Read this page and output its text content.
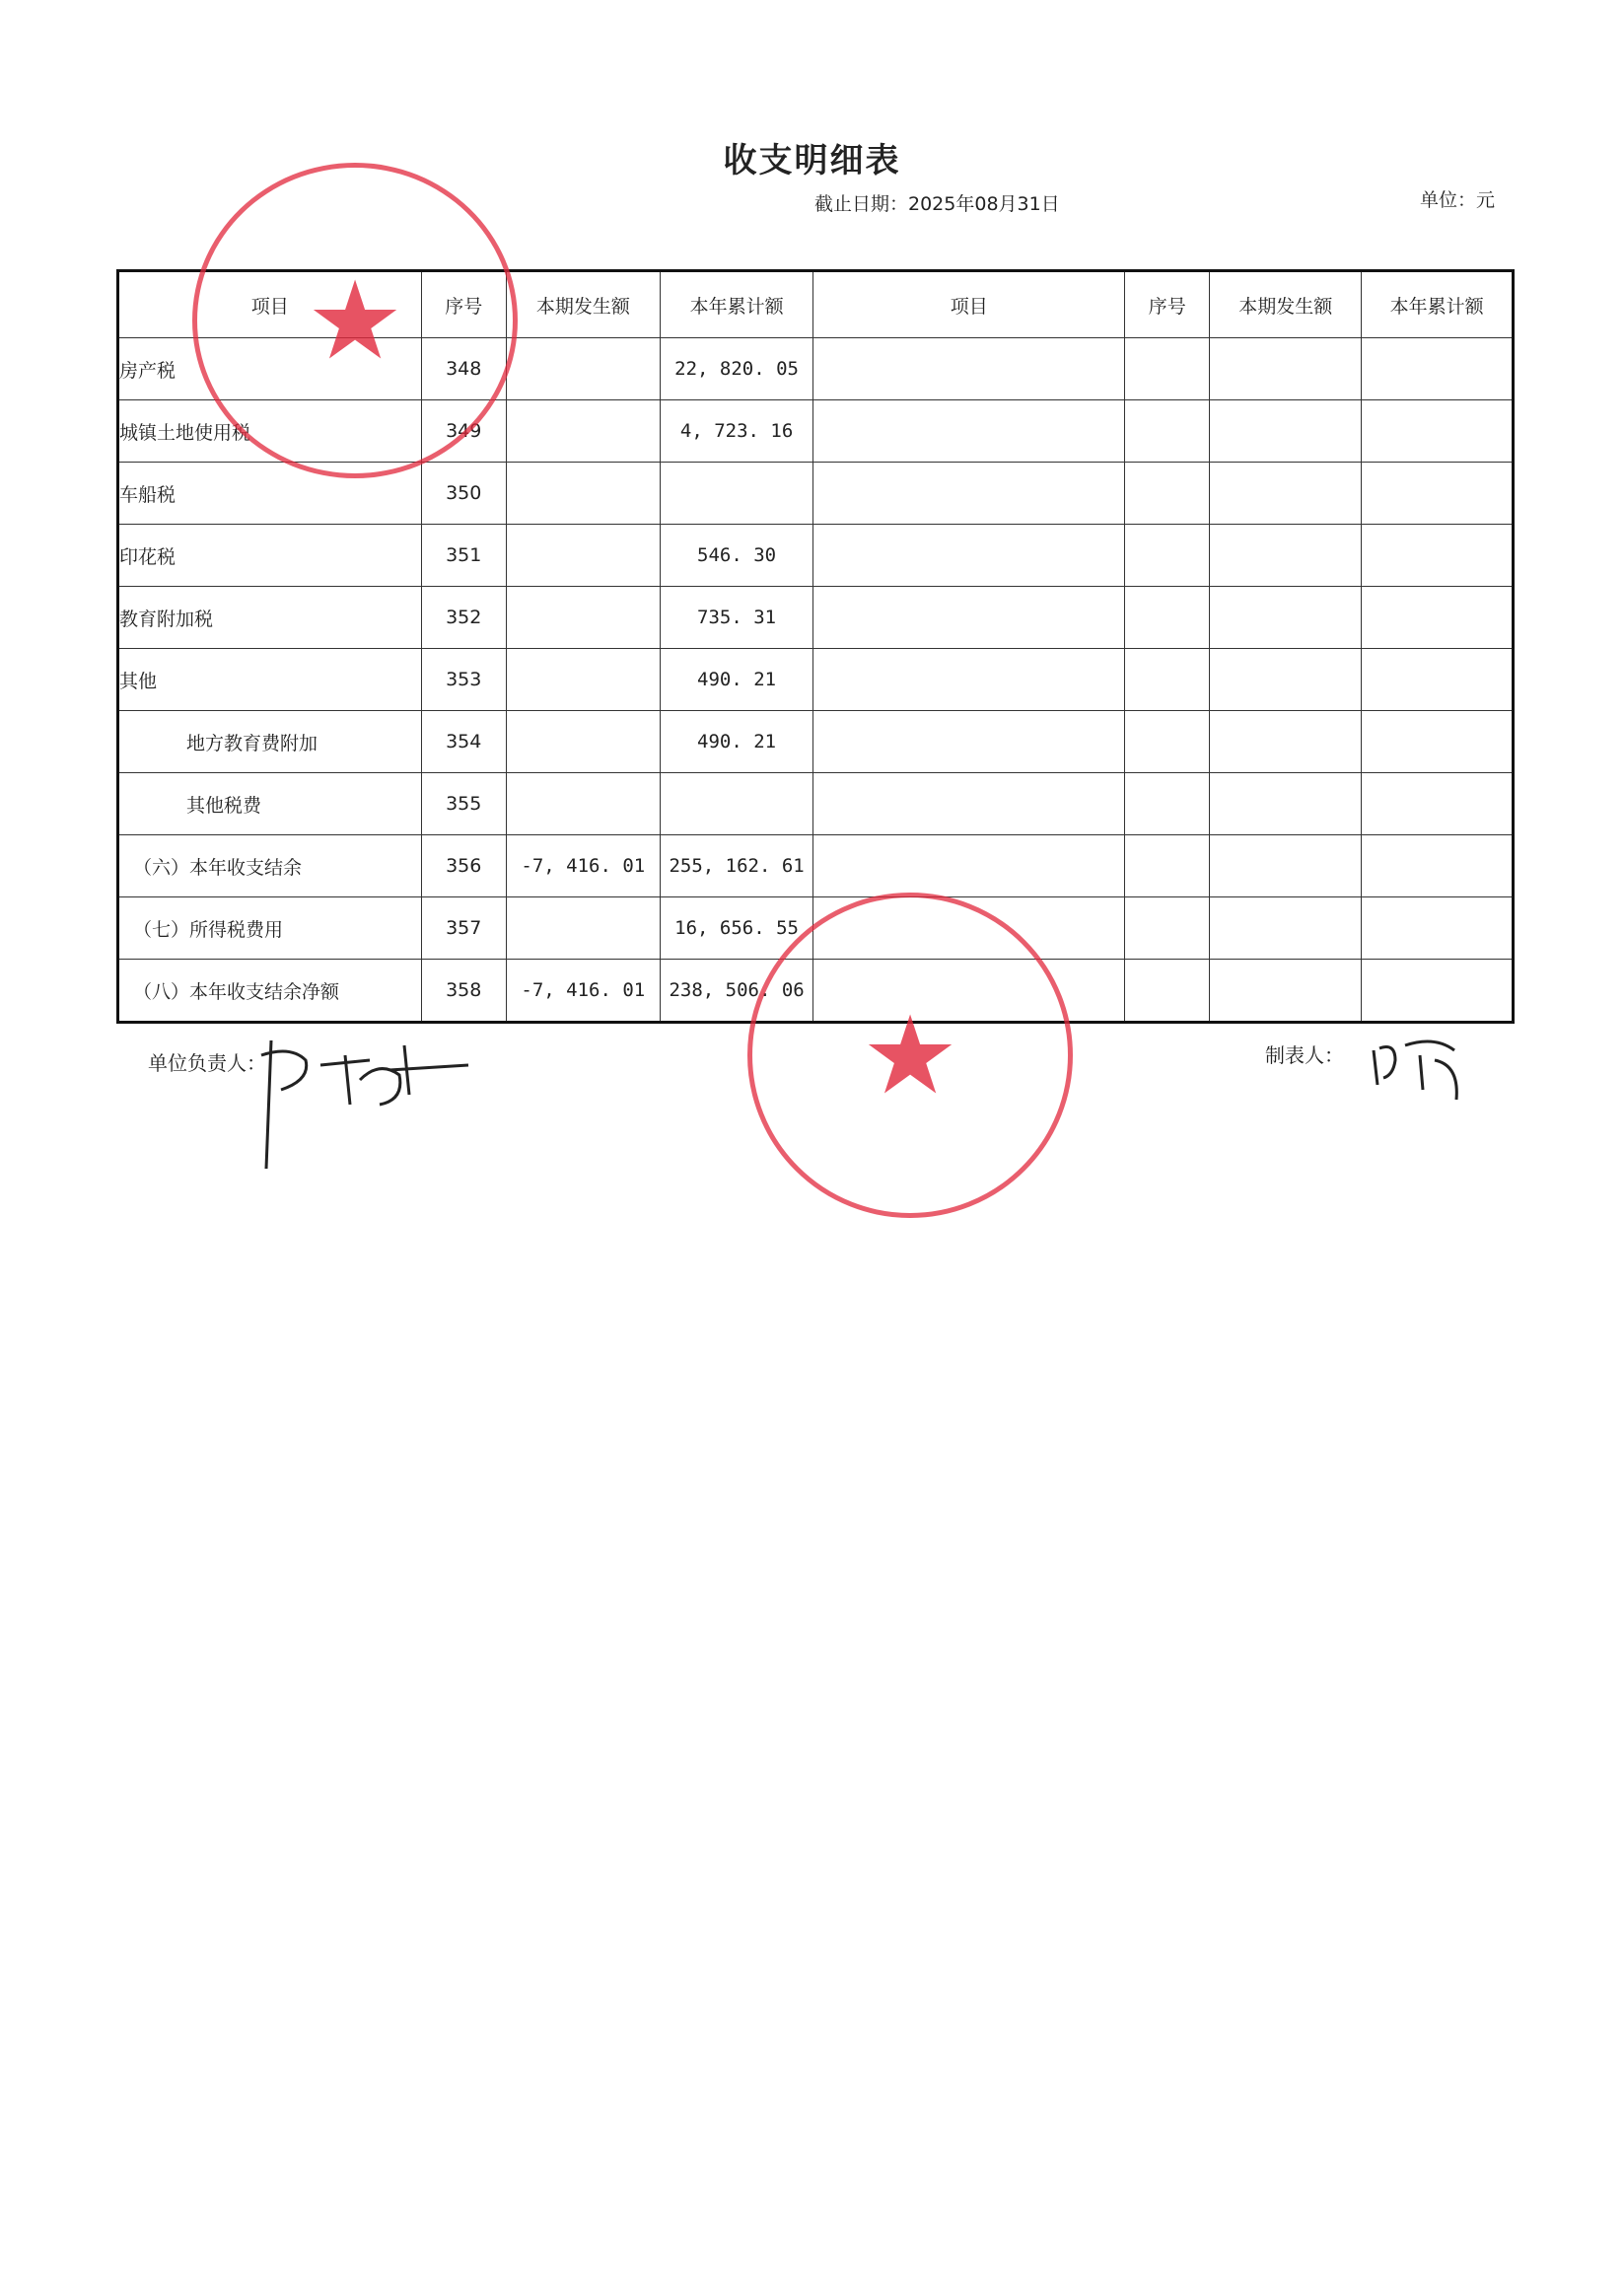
收支明细表
截止日期：2025年08月31日	单位：元
项目	序号	本期发生额	本年累计额	项目	序号	本期发生额	本年累计额
房产税	348		22, 820. 05				
城镇土地使用税	349		4, 723. 16				
车船税	350						
印花税	351		546. 30				
教育附加税	352		735. 31				
其他	353		490. 21				
地方教育费附加	354		490. 21				
其他税费	355						
（六）本年收支结余	356	-7, 416. 01	255, 162. 61				
（七）所得税费用	357		16, 656. 55				
（八）本年收支结余净额	358	-7, 416. 01	238, 506. 06				
单位负责人：	制表人：
★
★
